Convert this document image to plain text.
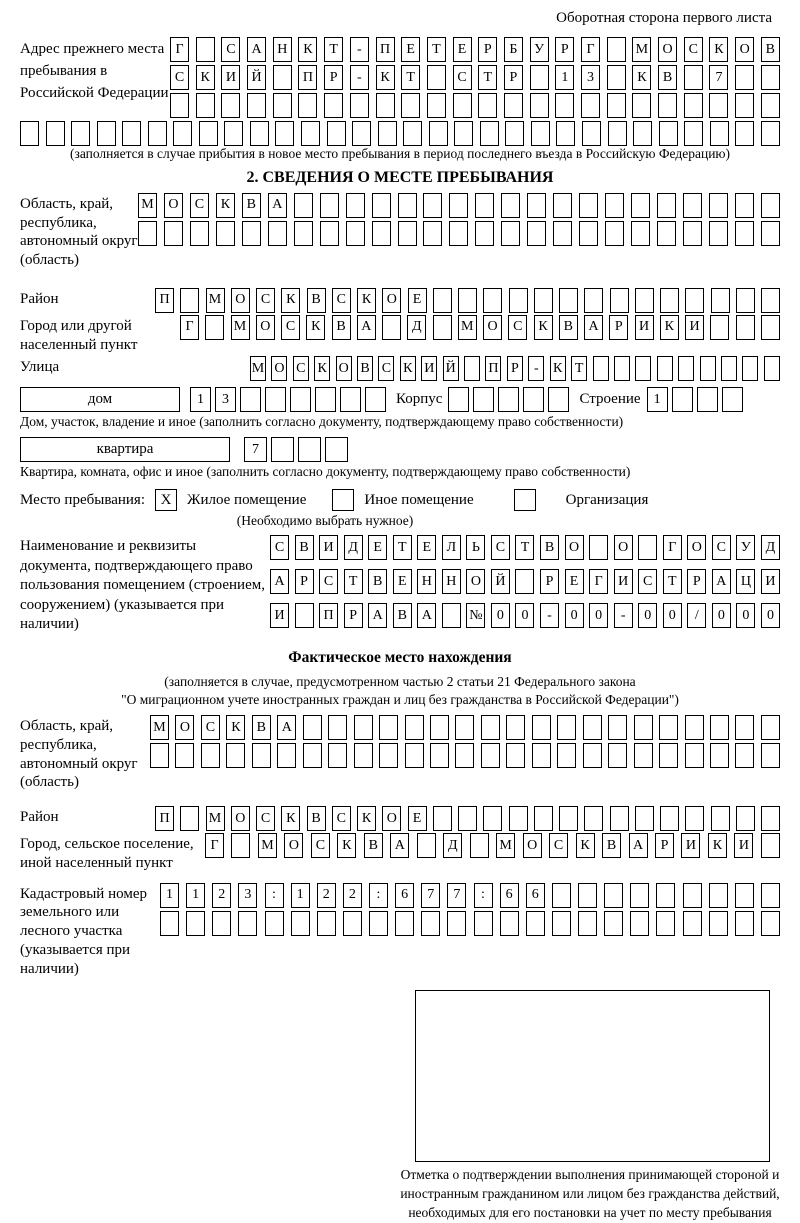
Оборотная сторона первого листа
Адрес прежнего места пребывания в Российской Федерации
Г	С	А	Н	К	Т	-	П	Е	Т	Е	Р	Б	У	Р	Г	М	О	С	К	О	В
С	К	И	Й	П	Р	-	К	Т	С	Т	Р	1	3	К	В	7
(заполняется в случае прибытия в новое место пребывания в период последнего въезда в Российскую Федерацию)
2. СВЕДЕНИЯ О МЕСТЕ ПРЕБЫВАНИЯ
Область, край, республика, автономный округ (область)
М	О	С	К	В	А
Район	П	М О	С	К	В	С	К	О	Е
Город или другой населенный пункт
Г	М О	С	К	В	А	Д	М О	С	К	В	А	Р	И	К	И
Улица	М О С К О В С К И Й П Р	-	К Т
дом	1	3	Корпус	Строение 1
Дом, участок, владение и иное (заполнить согласно документу, подтверждающему право собственности)
квартира	7
Квартира, комната, офис и иное (заполнить согласно документу, подтверждающему право собственности)
Место пребывания:	X	Жилое помещение	Иное помещение	Организация
(Необходимо выбрать нужное)
Наименование и реквизиты документа, подтверждающего право пользования помещением (строением, сооружением) (указывается при наличии)
С	В	И	Д	Е	Т	Е	Л	Ь	С	Т	В	О	О	Г	О	С	У	Д
А	Р	С	Т	В	Е	Н	Н	О	Й	Р	Е	Г	И	С	Т	Р	А	Ц	И
И	П	Р	А	В	А	№	0	0	-	0	0	-	0	0	/	0	0	0
Фактическое место нахождения
(заполняется в случае, предусмотренном частью 2 статьи 21 Федерального закона
"О миграционном учете иностранных граждан и лиц без гражданства в Российской Федерации")
Область, край, республика, автономный округ (область)
М	О	С	К	В	А
Район	П	М О	С	К	В	С	К	О	Е
Город, сельское поселение, иной населенный пункт
Г	М	О	С	К	В	А	Д	М	О	С	К	В	А	Р	И	К	И
Кадастровый номер земельного или лесного участка (указывается при наличии)
1	1	2	3	:	1	2	2	:	6	7	7	:	6	6
Отметка о подтверждении выполнения принимающей стороной и иностранным гражданином или лицом без гражданства действий, необходимых для его постановки на учет по месту пребывания
